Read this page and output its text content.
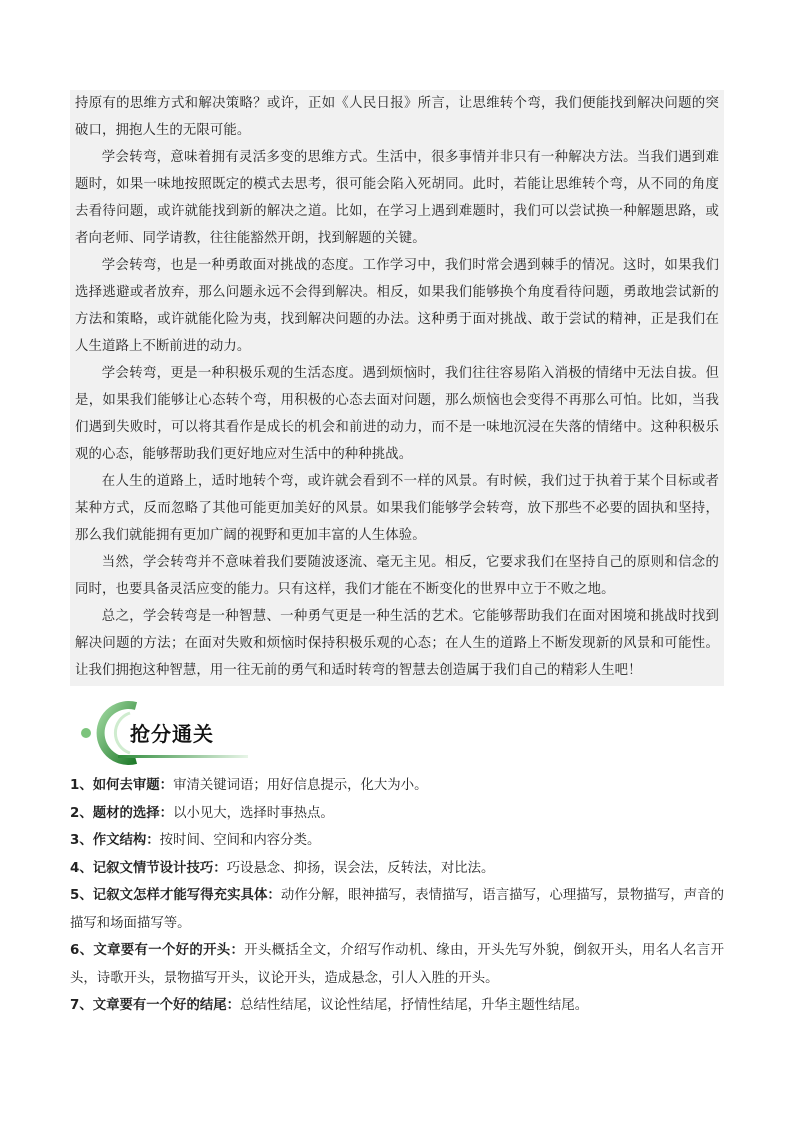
持原有的思维方式和解决策略？或许，正如《人民日报》所言，让思维转个弯，我们便能找到解决问题的突破口，拥抱人生的无限可能。

学会转弯，意味着拥有灵活多变的思维方式。生活中，很多事情并非只有一种解决方法。当我们遇到难题时，如果一味地按照既定的模式去思考，很可能会陷入死胡同。此时，若能让思维转个弯，从不同的角度去看待问题，或许就能找到新的解决之道。比如，在学习上遇到难题时，我们可以尝试换一种解题思路，或者向老师、同学请教，往往能豁然开朗，找到解题的关键。

学会转弯，也是一种勇敢面对挑战的态度。工作学习中，我们时常会遇到棘手的情况。这时，如果我们选择逃避或者放弃，那么问题永远不会得到解决。相反，如果我们能够换个角度看待问题，勇敢地尝试新的方法和策略，或许就能化险为夷，找到解决问题的办法。这种勇于面对挑战、敢于尝试的精神，正是我们在人生道路上不断前进的动力。

学会转弯，更是一种积极乐观的生活态度。遇到烦恼时，我们往往容易陷入消极的情绪中无法自拔。但是，如果我们能够让心态转个弯，用积极的心态去面对问题，那么烦恼也会变得不再那么可怕。比如，当我们遇到失败时，可以将其看作是成长的机会和前进的动力，而不是一味地沉浸在失落的情绪中。这种积极乐观的心态，能够帮助我们更好地应对生活中的种种挑战。

在人生的道路上，适时地转个弯，或许就会看到不一样的风景。有时候，我们过于执着于某个目标或者某种方式，反而忽略了其他可能更加美好的风景。如果我们能够学会转弯，放下那些不必要的固执和坚持，那么我们就能拥有更加广阔的视野和更加丰富的人生体验。

当然，学会转弯并不意味着我们要随波逐流、毫无主见。相反，它要求我们在坚持自己的原则和信念的同时，也要具备灵活应变的能力。只有这样，我们才能在不断变化的世界中立于不败之地。

总之，学会转弯是一种智慧、一种勇气更是一种生活的艺术。它能够帮助我们在面对困境和挑战时找到解决问题的方法；在面对失败和烦恼时保持积极乐观的心态；在人生的道路上不断发现新的风景和可能性。让我们拥抱这种智慧，用一往无前的勇气和适时转弯的智慧去创造属于我们自己的精彩人生吧！

抢分通关

1、如何去审题：审清关键词语；用好信息提示，化大为小。

2、题材的选择：以小见大，选择时事热点。

3、作文结构：按时间、空间和内容分类。

4、记叙文情节设计技巧：巧设悬念、抑扬，误会法，反转法，对比法。

5、记叙文怎样才能写得充实具体：动作分解，眼神描写，表情描写，语言描写，心理描写，景物描写，声音的描写和场面描写等。

6、文章要有一个好的开头：开头概括全文，介绍写作动机、缘由，开头先写外貌，倒叙开头，用名人名言开头，诗歌开头，景物描写开头，议论开头，造成悬念，引人入胜的开头。

7、文章要有一个好的结尾：总结性结尾，议论性结尾，抒情性结尾，升华主题性结尾。
